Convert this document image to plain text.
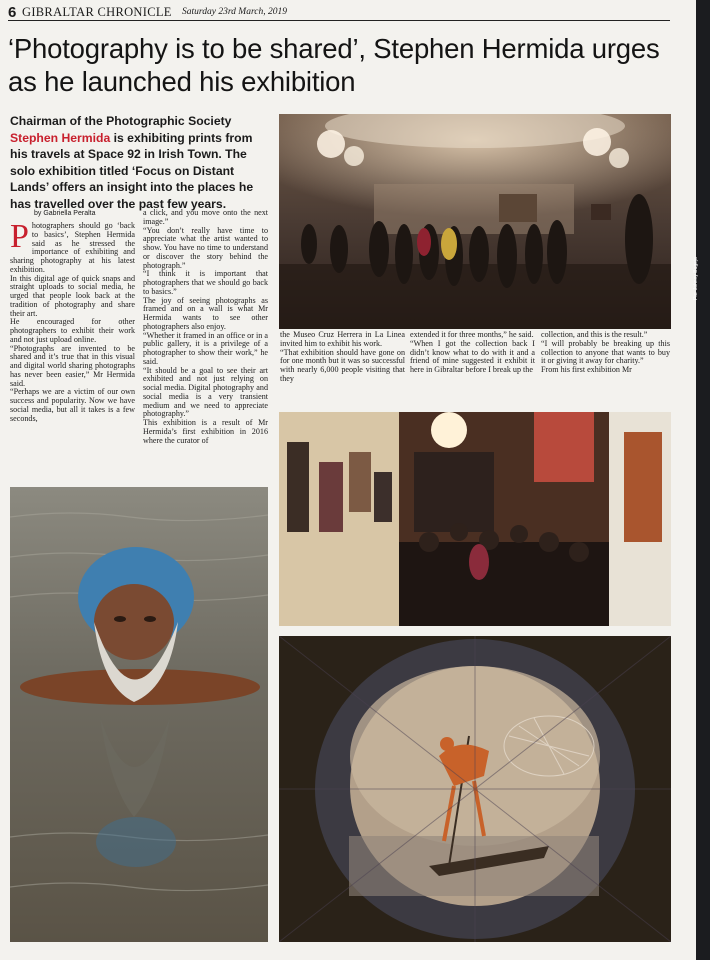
6 GIBRALTAR CHRONICLE Saturday 23rd March, 2019
‘Photography is to be shared’, Stephen Hermida urges as he launched his exhibition
Chairman of the Photographic Society Stephen Hermida is exhibiting prints from his travels at Space 92 in Irish Town. The solo exhibition titled ‘Focus on Distant Lands’ offers an insight into the places he has travelled over the past few years.
by Gabriella Peralta

Photographers should go ‘back to basics’, Stephen Hermida said as he stressed the importance of exhibiting and sharing photography at his latest exhibition.

In this digital age of quick snaps and straight uploads to social media, he urged that people look back at the tradition of photography and share their art.

He encouraged for other photographers to exhibit their work and not just upload online.

“Photographs are invented to be shared and it’s true that in this visual and digital world sharing photographs has never been easier,” Mr Hermida said.

“Perhaps we are a victim of our own success and popularity. Now we have social media, but all it takes is a few seconds,

a click, and you move onto the next image.”

“You don’t really have time to appreciate what the artist wanted to show. You have no time to understand or discover the story behind the photograph.”

“I think it is important that photographers that we should go back to basics.”

The joy of seeing photographs as framed and on a wall is what Mr Hermida wants to see other photographers also enjoy.

“Whether it framed in an office or in a public gallery, it is a privilege of a photographer to show their work,” he said.

“It should be a goal to see their art exhibited and not just relying on social media. Digital photography and social media is a very transient medium and we need to appreciate photography.”

This exhibition is a result of Mr Hermida’s first exhibition in 2016 where the curator of

the Museo Cruz Herrera in La Linea invited him to exhibit his work.

“That exhibition should have gone on for one month but it was so successful with nearly 6,000 people visiting that they

extended it for three months,” he said.

“When I got the collection back I didn’t know what to do with it and a friend of mine suggested it exhibit it here in Gibraltar before I break up the

collection, and this is the result.”

“I will probably be breaking up this collection to anyone that wants to buy it or giving it away for charity.”

From his first exhibition Mr

Pic: Johnny Bugeja
